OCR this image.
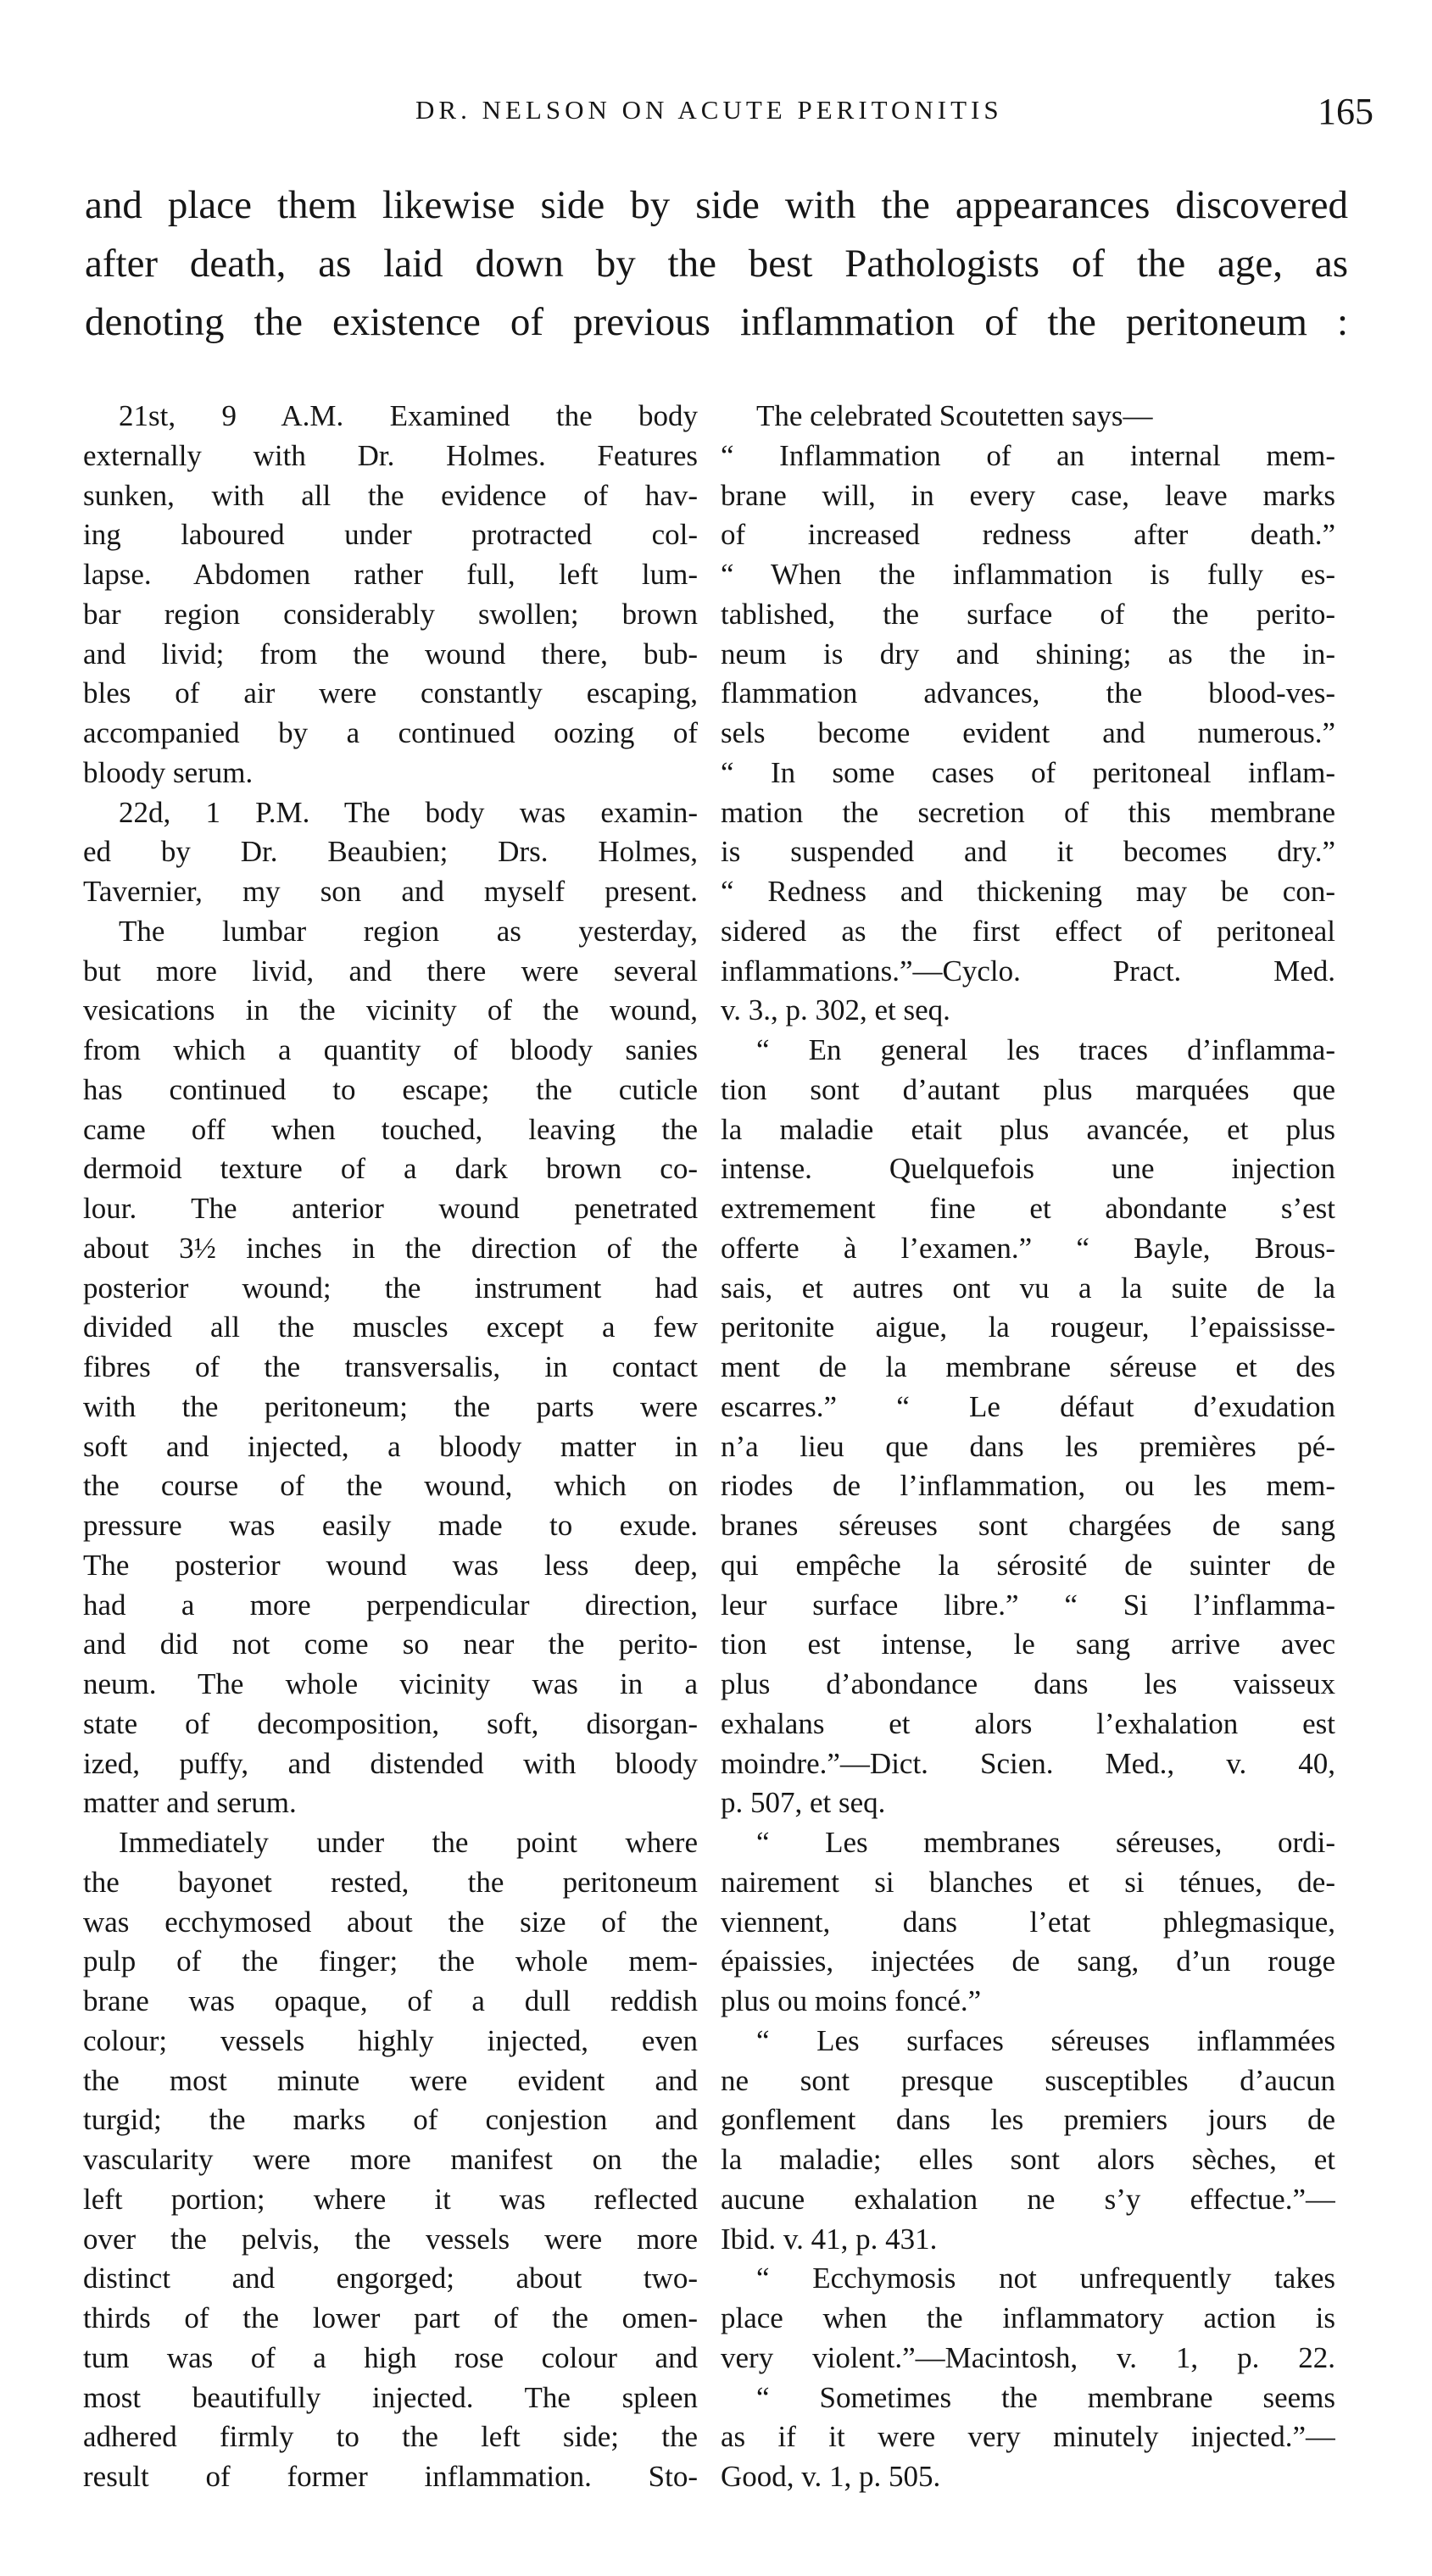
DR. NELSON ON ACUTE PERITONITIS	165
and place them likewise side by side with the appearances discovered
after death, as laid down by the best Pathologists of the age, as
denoting the existence of previous inflammation of the peritoneum :
21st, 9 A.M. Examined the body
externally with Dr. Holmes. Features
sunken, with all the evidence of hav-
ing laboured under protracted col-
lapse. Abdomen rather full, left lum-
bar region considerably swollen; brown
and livid; from the wound there, bub-
bles of air were constantly escaping,
accompanied by a continued oozing of
bloody serum.
22d, 1 P.M. The body was examin-
ed by Dr. Beaubien; Drs. Holmes,
Tavernier, my son and myself present.
The lumbar region as yesterday,
but more livid, and there were several
vesications in the vicinity of the wound,
from which a quantity of bloody sanies
has continued to escape; the cuticle
came off when touched, leaving the
dermoid texture of a dark brown co-
lour. The anterior wound penetrated
about 3½ inches in the direction of the
posterior wound; the instrument had
divided all the muscles except a few
fibres of the transversalis, in contact
with the peritoneum; the parts were
soft and injected, a bloody matter in
the course of the wound, which on
pressure was easily made to exude.
The posterior wound was less deep,
had a more perpendicular direction,
and did not come so near the perito-
neum. The whole vicinity was in a
state of decomposition, soft, disorgan-
ized, puffy, and distended with bloody
matter and serum.
Immediately under the point where
the bayonet rested, the peritoneum
was ecchymosed about the size of the
pulp of the finger; the whole mem-
brane was opaque, of a dull reddish
colour; vessels highly injected, even
the most minute were evident and
turgid; the marks of conjestion and
vascularity were more manifest on the
left portion; where it was reflected
over the pelvis, the vessels were more
distinct and engorged; about two-
thirds of the lower part of the omen-
tum was of a high rose colour and
most beautifully injected. The spleen
adhered firmly to the left side; the
result of former inflammation. Sto-
The celebrated Scoutetten says—
“ Inflammation of an internal mem-
brane will, in every case, leave marks
of increased redness after death.”
“ When the inflammation is fully es-
tablished, the surface of the perito-
neum is dry and shining; as the in-
flammation advances, the blood-ves-
sels become evident and numerous.”
“ In some cases of peritoneal inflam-
mation the secretion of this membrane
is suspended and it becomes dry.”
“ Redness and thickening may be con-
sidered as the first effect of peritoneal
inflammations.”—Cyclo. Pract. Med.
v. 3., p. 302, et seq.
“ En general les traces d’inflamma-
tion sont d’autant plus marquées que
la maladie etait plus avancée, et plus
intense. Quelquefois une injection
extremement fine et abondante s’est
offerte à l’examen.” “ Bayle, Brous-
sais, et autres ont vu a la suite de la
peritonite aigue, la rougeur, l’epaississe-
ment de la membrane séreuse et des
escarres.” “ Le défaut d’exudation
n’a lieu que dans les premières pé-
riodes de l’inflammation, ou les mem-
branes séreuses sont chargées de sang
qui empêche la sérosité de suinter de
leur surface libre.” “ Si l’inflamma-
tion est intense, le sang arrive avec
plus d’abondance dans les vaisseux
exhalans et alors l’exhalation est
moindre.”—Dict. Scien. Med., v. 40,
p. 507, et seq.
“ Les membranes séreuses, ordi-
nairement si blanches et si ténues, de-
viennent, dans l’etat phlegmasique,
épaissies, injectées de sang, d’un rouge
plus ou moins foncé.”
“ Les surfaces séreuses inflammées
ne sont presque susceptibles d’aucun
gonflement dans les premiers jours de
la maladie; elles sont alors sèches, et
aucune exhalation ne s’y effectue.”—
Ibid. v. 41, p. 431.
“ Ecchymosis not unfrequently takes
place when the inflammatory action is
very violent.”—Macintosh, v. 1, p. 22.
“ Sometimes the membrane seems
as if it were very minutely injected.”—
Good, v. 1, p. 505.
